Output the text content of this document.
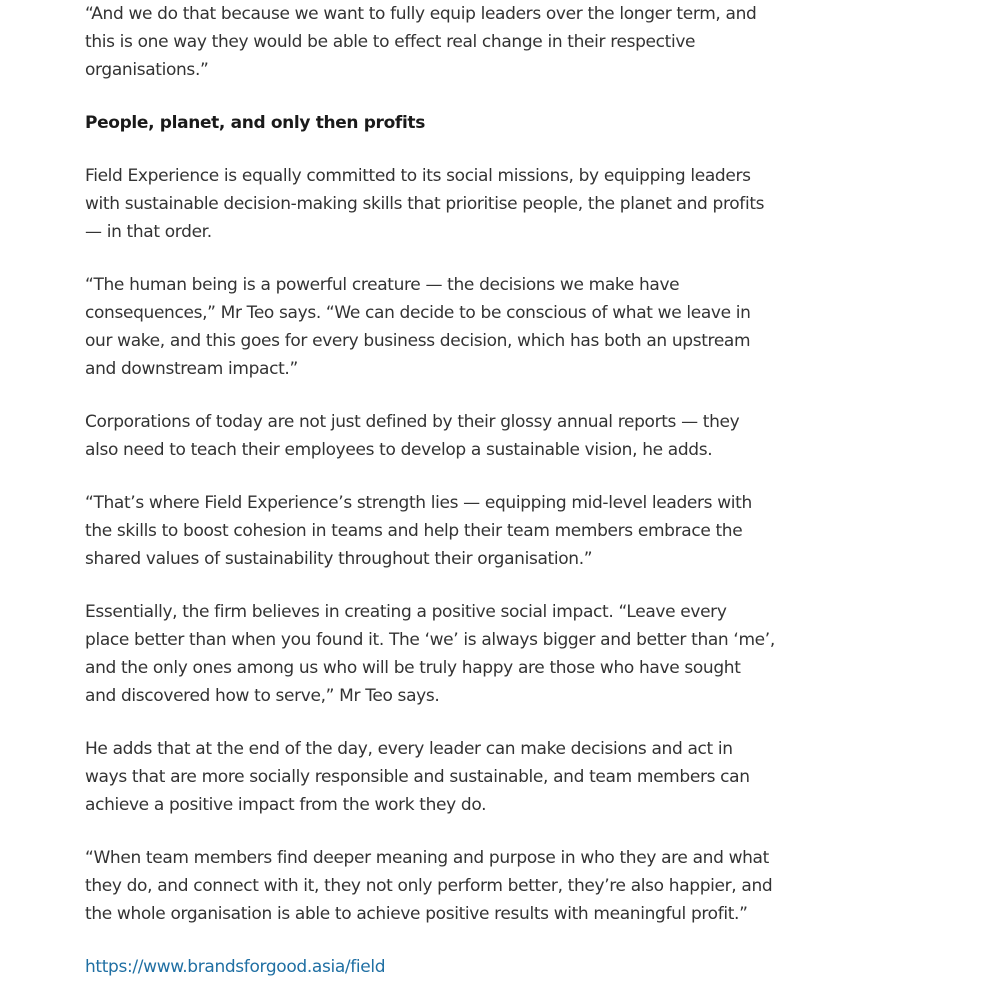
“And we do that because we want to fully equip leaders over the longer term, and this is one way they would be able to effect real change in their respective organisations.”

People, planet, and only then profits

Field Experience is equally committed to its social missions, by equipping leaders with sustainable decision-making skills that prioritise people, the planet and profits — in that order.

“The human being is a powerful creature — the decisions we make have consequences,” Mr Teo says. “We can decide to be conscious of what we leave in our wake, and this goes for every business decision, which has both an upstream and downstream impact.”

Corporations of today are not just defined by their glossy annual reports — they also need to teach their employees to develop a sustainable vision, he adds.

“That’s where Field Experience’s strength lies — equipping mid-level leaders with the skills to boost cohesion in teams and help their team members embrace the shared values of sustainability throughout their organisation.”

Essentially, the firm believes in creating a positive social impact. “Leave every place better than when you found it. The ‘we’ is always bigger and better than ‘me’, and the only ones among us who will be truly happy are those who have sought and discovered how to serve,” Mr Teo says.

He adds that at the end of the day, every leader can make decisions and act in ways that are more socially responsible and sustainable, and team members can achieve a positive impact from the work they do.

“When team members find deeper meaning and purpose in who they are and what they do, and connect with it, they not only perform better, they’re also happier, and the whole organisation is able to achieve positive results with meaningful profit.”

https://www.brandsforgood.asia/field
